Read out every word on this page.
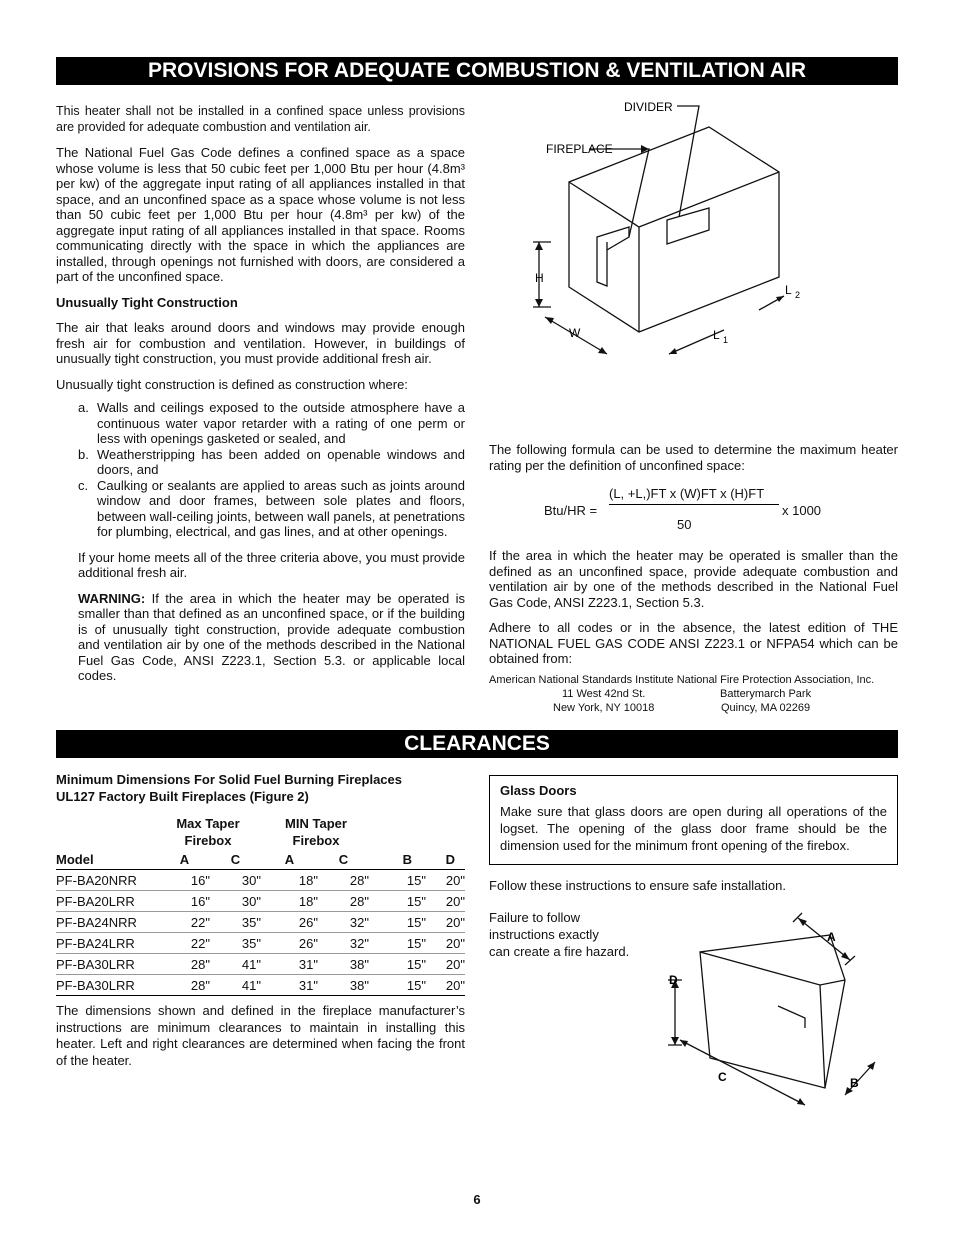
PROVISIONS FOR ADEQUATE COMBUSTION & VENTILATION AIR

This heater shall not be installed in a confined space unless provisions are provided for adequate combustion and ventilation air.

The National Fuel Gas Code defines a confined space as a space whose volume is less that 50 cubic feet per 1,000 Btu per hour (4.8m³ per kw) of the aggregate input rating of all appliances installed in that space, and an unconfined space as a space whose volume is not less than 50 cubic feet per 1,000 Btu per hour (4.8m³ per kw) of the aggregate input rating of all appliances installed in that space. Rooms communicating directly with the space in which the appliances are installed, through openings not furnished with doors, are considered a part of the unconfined space.

Unusually Tight Construction

The air that leaks around doors and windows may provide enough fresh air for combustion and ventilation. However, in buildings of unusually tight construction, you must provide additional fresh air.

Unusually tight construction is defined as construction where:

a. Walls and ceilings exposed to the outside atmosphere have a continuous water vapor retarder with a rating of one perm or less with openings gasketed or sealed, and
b. Weatherstripping has been added on openable windows and doors, and
c. Caulking or sealants are applied to areas such as joints around window and door frames, between sole plates and floors, between wall-ceiling joints, between wall panels, at penetrations for plumbing, electrical, and gas lines, and at other openings.

If your home meets all of the three criteria above, you must provide additional fresh air.

WARNING: If the area in which the heater may be operated is smaller than that defined as an unconfined space, or if the building is of unusually tight construction, provide adequate combustion and ventilation air by one of the methods described in the National Fuel Gas Code, ANSI Z223.1, Section 5.3. or applicable local codes.

DIVIDER
FIREPLACE
H
W	L 1
L 2
The following formula can be used to determine the maximum heater rating per the definition of unconfined space:
Btu/HR =
(L, +L,)FT x (W)FT x (H)FT
50
x 1000

If the area in which the heater may be operated is smaller than the defined as an unconfined space, provide adequate combustion and ventilation air by one of the methods described in the National Fuel Gas Code, ANSI Z223.1, Section 5.3.

Adhere to all codes or in the absence, the latest edition of THE NATIONAL FUEL GAS CODE ANSI Z223.1 or NFPA54 which can be obtained from:

American National Standards Institute National Fire Protection Association, Inc.
11 West 42nd St.	Batterymarch Park
New York, NY 10018	Quincy, MA 02269
CLEARANCES

Minimum Dimensions For Solid Fuel Burning Fireplaces

UL127 Factory Built Fireplaces (Figure 2)

Max Taper
Firebox
MIN Taper
Firebox
Model	A	C	A	C	B	D
PF-BA20NRR	16"	30"	18"	28"	15"	20"
PF-BA20LRR	16"	30"	18"	28"	15"	20"
PF-BA24NRR	22"	35"	26"	32"	15"	20"
PF-BA24LRR	22"	35"	26"	32"	15"	20"
PF-BA30LRR	28"	41"	31"	38"	15"	20"
PF-BA30LRR	28"	41"	31"	38"	15"	20"
The dimensions shown and defined in the fireplace manufacturer’s instructions are minimum clearances to maintain in installing this heater. Left and right clearances are determined when facing the front of the heater.
Glass Doors
Make sure that glass doors are open during all operations of the logset. The opening of the glass door frame should be the dimension used for the minimum front opening of the firebox.
Follow these instructions to ensure safe installation.
Failure to follow
instructions exactly
can create a fire hazard.
A
D
C	B
6
